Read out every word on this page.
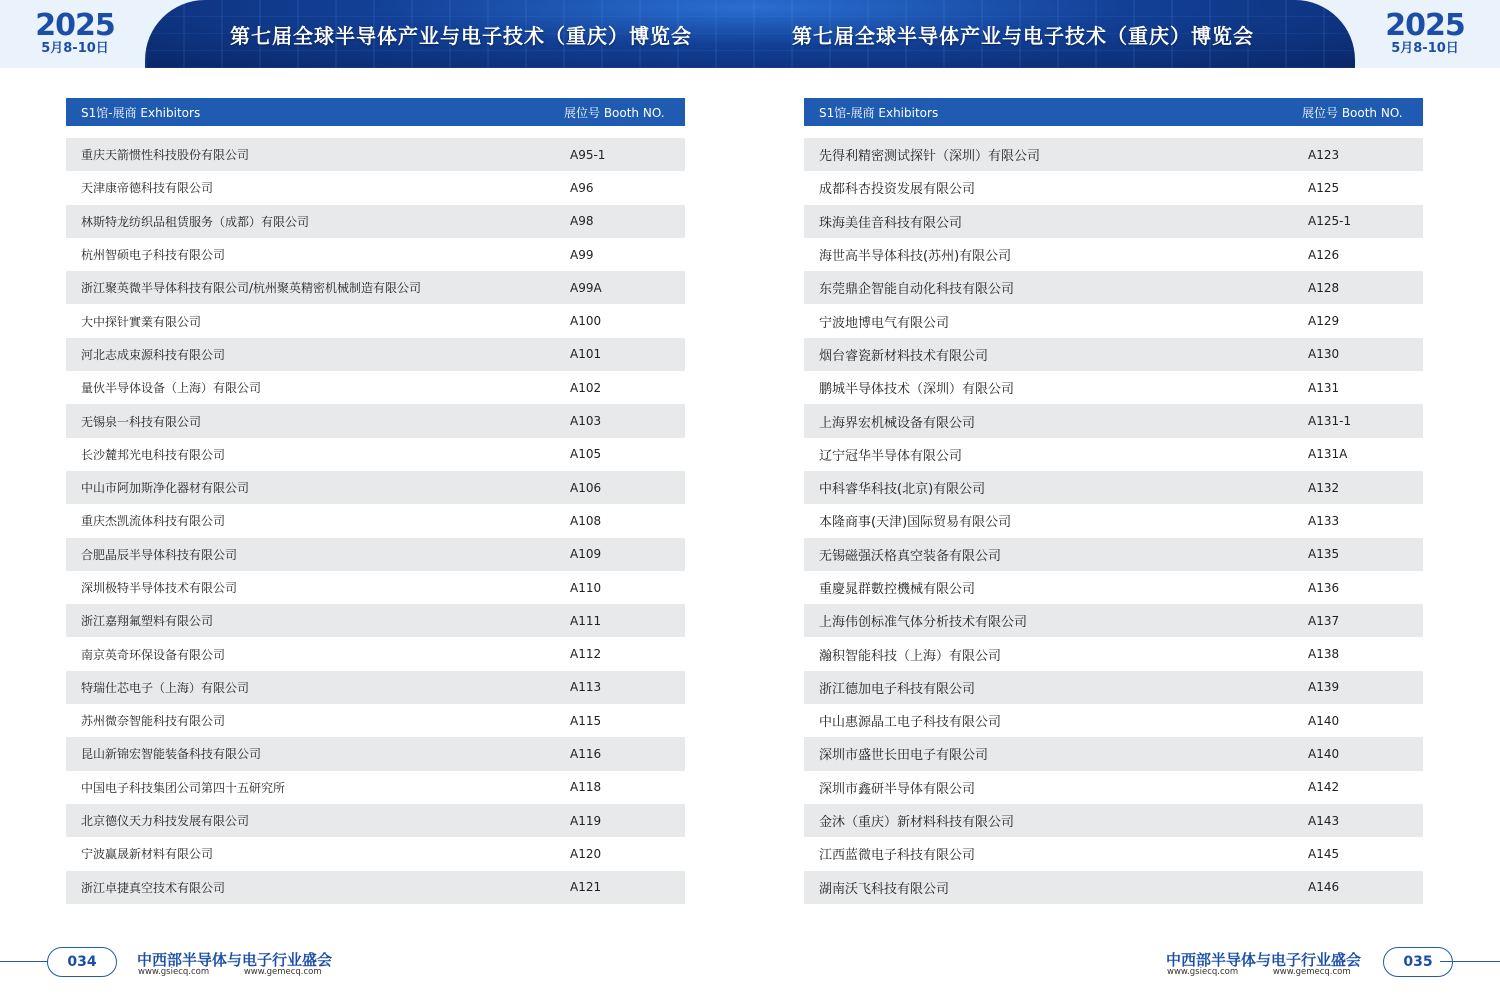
2025
5月8-10日
第七届全球半导体产业与电子技术（重庆）博览会	第七届全球半导体产业与电子技术（重庆）博览会	2025
5月8-10日
S1馆-展商 Exhibitors	展位号 Booth NO.
重庆天箭惯性科技股份有限公司	A95-1
天津康帝德科技有限公司	A96
林斯特龙纺织品租赁服务（成都）有限公司	A98
杭州智硕电子科技有限公司	A99
浙江聚英微半导体科技有限公司/杭州聚英精密机械制造有限公司	A99A
大中探针實業有限公司	A100
河北志成束源科技有限公司	A101
量伙半导体设备（上海）有限公司	A102
无锡泉一科技有限公司	A103
长沙麓邦光电科技有限公司	A105
中山市阿加斯净化器材有限公司	A106
重庆杰凯流体科技有限公司	A108
合肥晶辰半导体科技有限公司	A109
深圳极特半导体技术有限公司	A110
浙江嘉翔氟塑料有限公司	A111
南京英奇环保设备有限公司	A112
特瑞仕芯电子（上海）有限公司	A113
苏州微奈智能科技有限公司	A115
昆山新锦宏智能装备科技有限公司	A116
中国电子科技集团公司第四十五研究所	A118
北京德仪天力科技发展有限公司	A119
宁波赢晟新材料有限公司	A120
浙江卓捷真空技术有限公司	A121
S1馆-展商 Exhibitors	展位号 Booth NO.
先得利精密测试探针（深圳）有限公司	A123
成都科杏投资发展有限公司	A125
珠海美佳音科技有限公司	A125-1
海世高半导体科技(苏州)有限公司	A126
东莞鼎企智能自动化科技有限公司	A128
宁波地博电气有限公司	A129
烟台睿瓷新材料技术有限公司	A130
鹏城半导体技术（深圳）有限公司	A131
上海界宏机械设备有限公司	A131-1
辽宁冠华半导体有限公司	A131A
中科睿华科技(北京)有限公司	A132
本隆商事(天津)国际贸易有限公司	A133
无锡磁强沃格真空装备有限公司	A135
重慶晁群數控機械有限公司	A136
上海伟创标准气体分析技术有限公司	A137
瀚积智能科技（上海）有限公司	A138
浙江德加电子科技有限公司	A139
中山惠源晶工电子科技有限公司	A140
深圳市盛世长田电子有限公司	A140
深圳市鑫研半导体有限公司	A142
金沐（重庆）新材料科技有限公司	A143
江西蓝微电子科技有限公司	A145
湖南沃飞科技有限公司	A146
034	中西部半导体与电子行业盛会
www.gsiecq.com	www.gemecq.com
中西部半导体与电子行业盛会
www.gsiecq.com	www.gemecq.com
035
